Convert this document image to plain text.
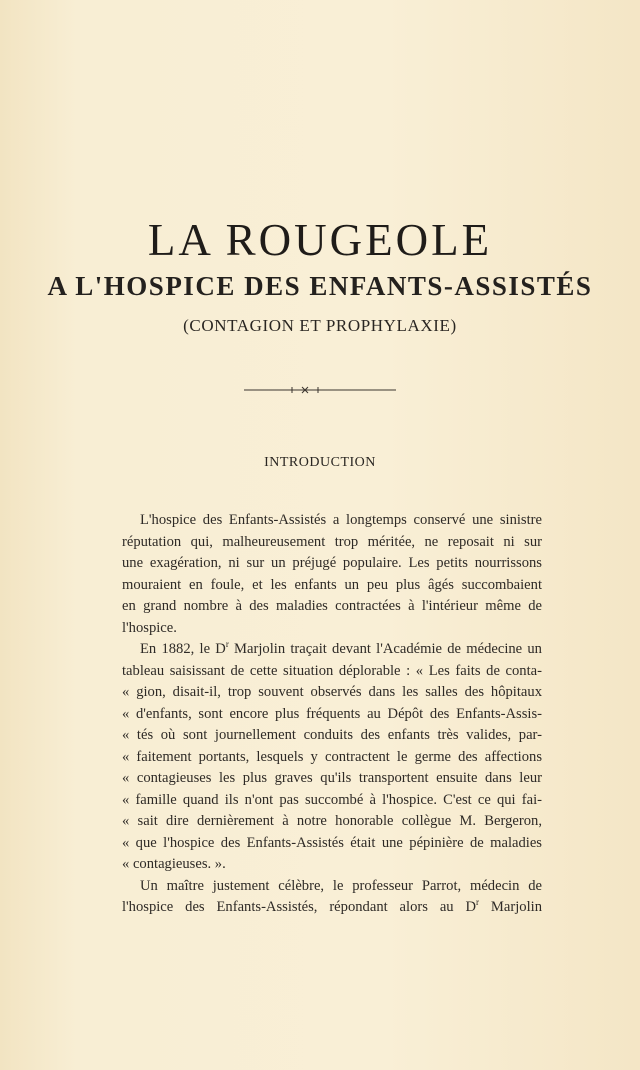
LA ROUGEOLE
A L'HOSPICE DES ENFANTS-ASSISTÉS
(CONTAGION ET PROPHYLAXIE)
INTRODUCTION
L'hospice des Enfants-Assistés a longtemps conservé une sinistre
réputation qui, malheureusement trop méritée, ne reposait ni sur
une exagération, ni sur un préjugé populaire. Les petits nourrissons
mouraient en foule, et les enfants un peu plus âgés succombaient
en grand nombre à des maladies contractées à l'intérieur même de
l'hospice.
En 1882, le $D^r$ Marjolin traçait devant l'Académie de médecine un
tableau saisissant de cette situation déplorable : « Les faits de conta-
« gion, disait-il, trop souvent observés dans les salles des hôpitaux
« d'enfants, sont encore plus fréquents au Dépôt des Enfants-Assis-
« tés où sont journellement conduits des enfants très valides, par-
« faitement portants, lesquels y contractent le germe des affections
« contagieuses les plus graves qu'ils transportent ensuite dans leur
« famille quand ils n'ont pas succombé à l'hospice. C'est ce qui fai-
« sait dire dernièrement à notre honorable collègue M. Bergeron,
« que l'hospice des Enfants-Assistés était une pépinière de maladies
« contagieuses. ».
Un maître justement célèbre, le professeur Parrot, médecin de
l'hospice des Enfants-Assistés, répondant alors au $D^r$ Marjolin
